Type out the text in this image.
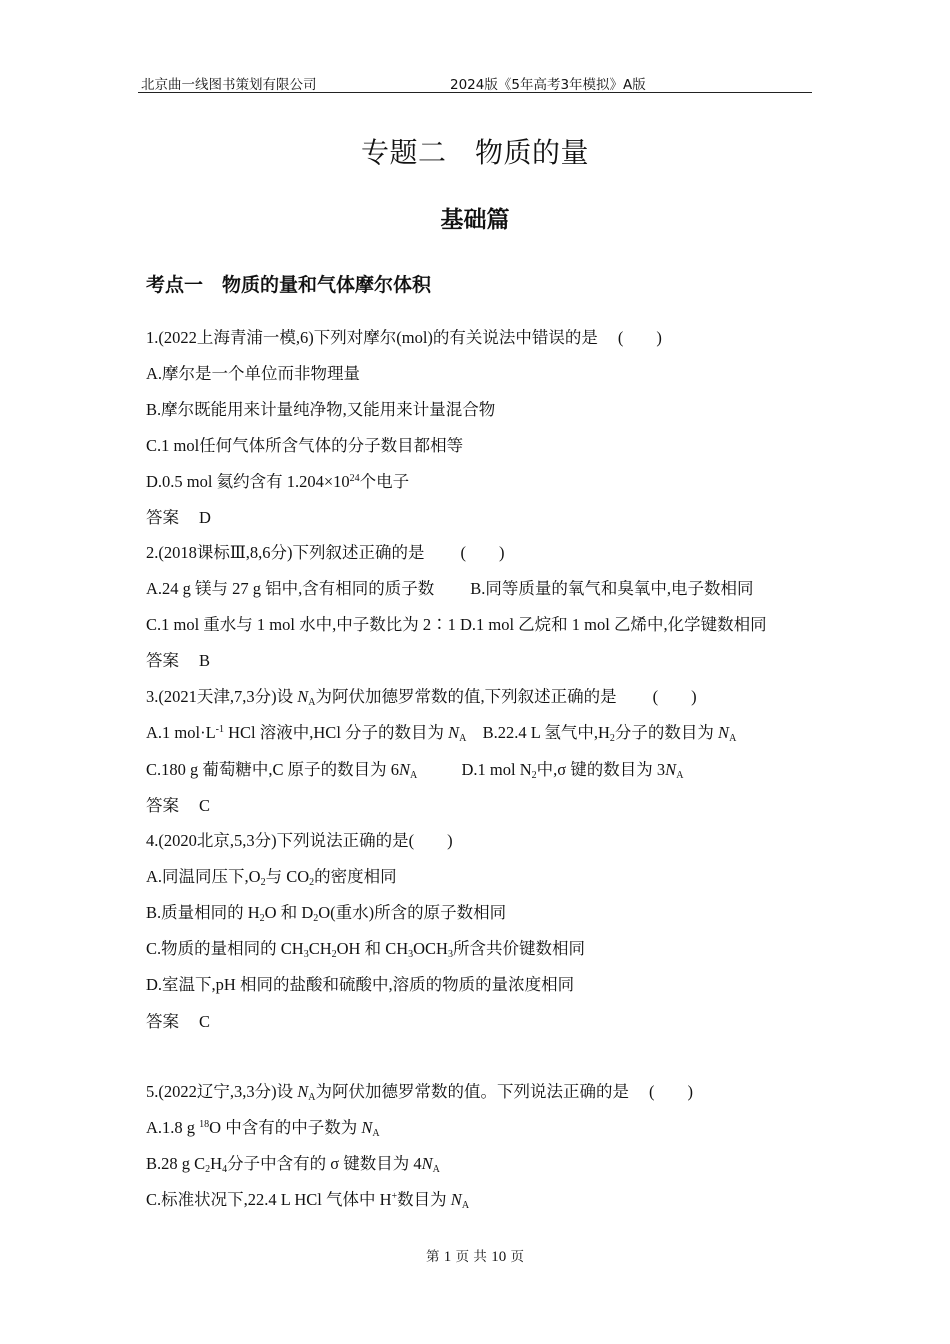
北京曲一线图书策划有限公司	2024版《5年高考3年模拟》A版
专题二　物质的量
基础篇
考点一　物质的量和气体摩尔体积
1.(2022上海青浦一模,6)下列对摩尔(mol)的有关说法中错误的是 (　　)
A.摩尔是一个单位而非物理量
B.摩尔既能用来计量纯净物,又能用来计量混合物
C.1 mol任何气体所含气体的分子数目都相等
D.0.5 mol 氦约含有 $1.204\times 10^{24}$个电子
答案 D
2.(2018课标Ⅲ,8,6分)下列叙述正确的是 (　　)
A.24 g 镁与 27 g 铝中,含有相同的质子数 B.同等质量的氧气和臭氧中,电子数相同
C.1 mol 重水与 1 mol 水中,中子数比为 2∶1 D.1 mol 乙烷和 1 mol 乙烯中,化学键数相同
答案 B
3.(2021天津,7,3分)设 $N_A$为阿伏加德罗常数的值,下列叙述正确的是 (　　)
A.1 $mol\cdot L^{-1}$ HCl 溶液中,HCl 分子的数目为 $N_A$ B.22.4 L 氢气中$,H_2$分子的数目为 $N_A$
C.180 g 葡萄糖中,C 原子的数目为 $6N_A$	D.1 mol $N_2$中,σ 键的数目为 $3N_A$
答案 C
4.(2020北京,5,3分)下列说法正确的是(　　)
A.同温同压下$,O_2$与 $CO_2$的密度相同
B.质量相同的 $H_2O$ 和 $D_2O$(重水)所含的原子数相同
C.物质的量相同的 $CH_3CH_2OH$ 和 $CH_3OCH_3$所含共价键数相同
D.室温下,pH 相同的盐酸和硫酸中,溶质的物质的量浓度相同
答案 C
5.(2022辽宁,3,3分)设 $N_A$为阿伏加德罗常数的值。下列说法正确的是 (　　)
A.1.8 g $^{18}$O 中含有的中子数为 $N_A$
B.28 g $C_2H_4$分子中含有的 σ 键数目为 $4N_A$
C.标准状况下,22.4 L HCl 气体中 H+数目为 $N_A$
第 1 页 共 10 页
